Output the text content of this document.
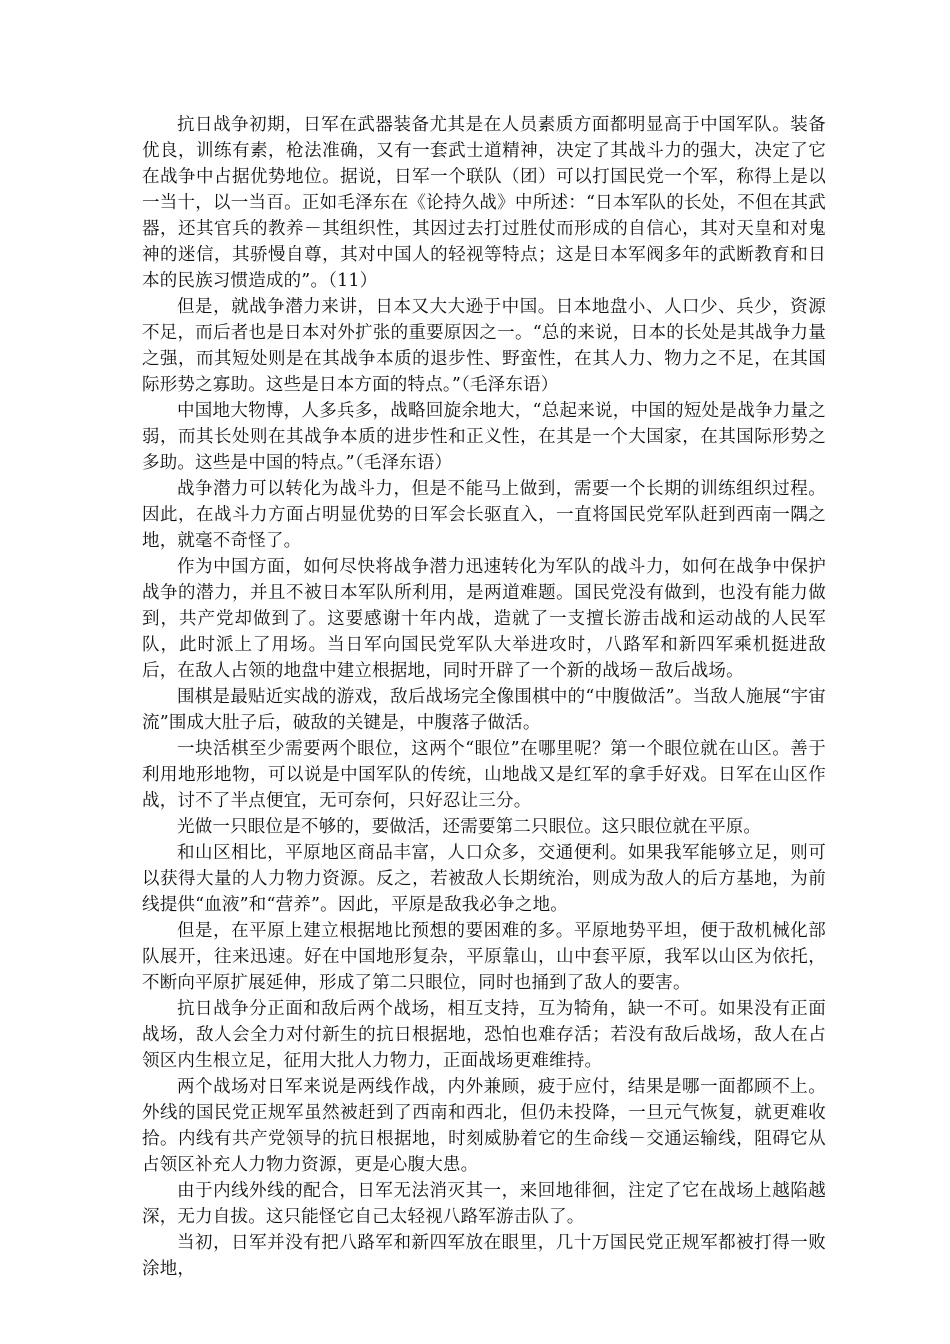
抗日战争初期，日军在武器装备尤其是在人员素质方面都明显高于中国军队。装备优良，训练有素，枪法准确，又有一套武士道精神，决定了其战斗力的强大，决定了它在战争中占据优势地位。据说，日军一个联队（团）可以打国民党一个军，称得上是以一当十，以一当百。正如毛泽东在《论持久战》中所述：“日本军队的长处，不但在其武器，还其官兵的教养－其组织性，其因过去打过胜仗而形成的自信心，其对天皇和对鬼神的迷信，其骄慢自尊，其对中国人的轻视等特点；这是日本军阀多年的武断教育和日本的民族习惯造成的”。（11）

但是，就战争潜力来讲，日本又大大逊于中国。日本地盘小、人口少、兵少，资源不足，而后者也是日本对外扩张的重要原因之一。“总的来说，日本的长处是其战争力量之强，而其短处则是在其战争本质的退步性、野蛮性，在其人力、物力之不足，在其国际形势之寡助。这些是日本方面的特点。”（毛泽东语）

中国地大物博，人多兵多，战略回旋余地大，“总起来说，中国的短处是战争力量之弱，而其长处则在其战争本质的进步性和正义性，在其是一个大国家，在其国际形势之多助。这些是中国的特点。”（毛泽东语）

战争潜力可以转化为战斗力，但是不能马上做到，需要一个长期的训练组织过程。因此，在战斗力方面占明显优势的日军会长驱直入，一直将国民党军队赶到西南一隅之地，就毫不奇怪了。

作为中国方面，如何尽快将战争潜力迅速转化为军队的战斗力，如何在战争中保护战争的潜力，并且不被日本军队所利用，是两道难题。国民党没有做到，也没有能力做到，共产党却做到了。这要感谢十年内战，造就了一支擅长游击战和运动战的人民军队，此时派上了用场。当日军向国民党军队大举进攻时，八路军和新四军乘机挺进敌后，在敌人占领的地盘中建立根据地，同时开辟了一个新的战场－敌后战场。

围棋是最贴近实战的游戏，敌后战场完全像围棋中的“中腹做活”。当敌人施展“宇宙流”围成大肚子后，破敌的关键是，中腹落子做活。

一块活棋至少需要两个眼位，这两个“眼位”在哪里呢？第一个眼位就在山区。善于利用地形地物，可以说是中国军队的传统，山地战又是红军的拿手好戏。日军在山区作战，讨不了半点便宜，无可奈何，只好忍让三分。

光做一只眼位是不够的，要做活，还需要第二只眼位。这只眼位就在平原。

和山区相比，平原地区商品丰富，人口众多，交通便利。如果我军能够立足，则可以获得大量的人力物力资源。反之，若被敌人长期统治，则成为敌人的后方基地，为前线提供“血液”和“营养”。因此，平原是敌我必争之地。

但是，在平原上建立根据地比预想的要困难的多。平原地势平坦，便于敌机械化部队展开，往来迅速。好在中国地形复杂，平原靠山，山中套平原，我军以山区为依托，不断向平原扩展延伸，形成了第二只眼位，同时也捅到了敌人的要害。

抗日战争分正面和敌后两个战场，相互支持，互为犄角，缺一不可。如果没有正面战场，敌人会全力对付新生的抗日根据地，恐怕也难存活；若没有敌后战场，敌人在占领区内生根立足，征用大批人力物力，正面战场更难维持。

两个战场对日军来说是两线作战，内外兼顾，疲于应付，结果是哪一面都顾不上。外线的国民党正规军虽然被赶到了西南和西北，但仍未投降，一旦元气恢复，就更难收拾。内线有共产党领导的抗日根据地，时刻威胁着它的生命线－交通运输线，阻碍它从占领区补充人力物力资源，更是心腹大患。

由于内线外线的配合，日军无法消灭其一，来回地徘徊，注定了它在战场上越陷越深，无力自拔。这只能怪它自己太轻视八路军游击队了。

当初，日军并没有把八路军和新四军放在眼里，几十万国民党正规军都被打得一败涂地，
